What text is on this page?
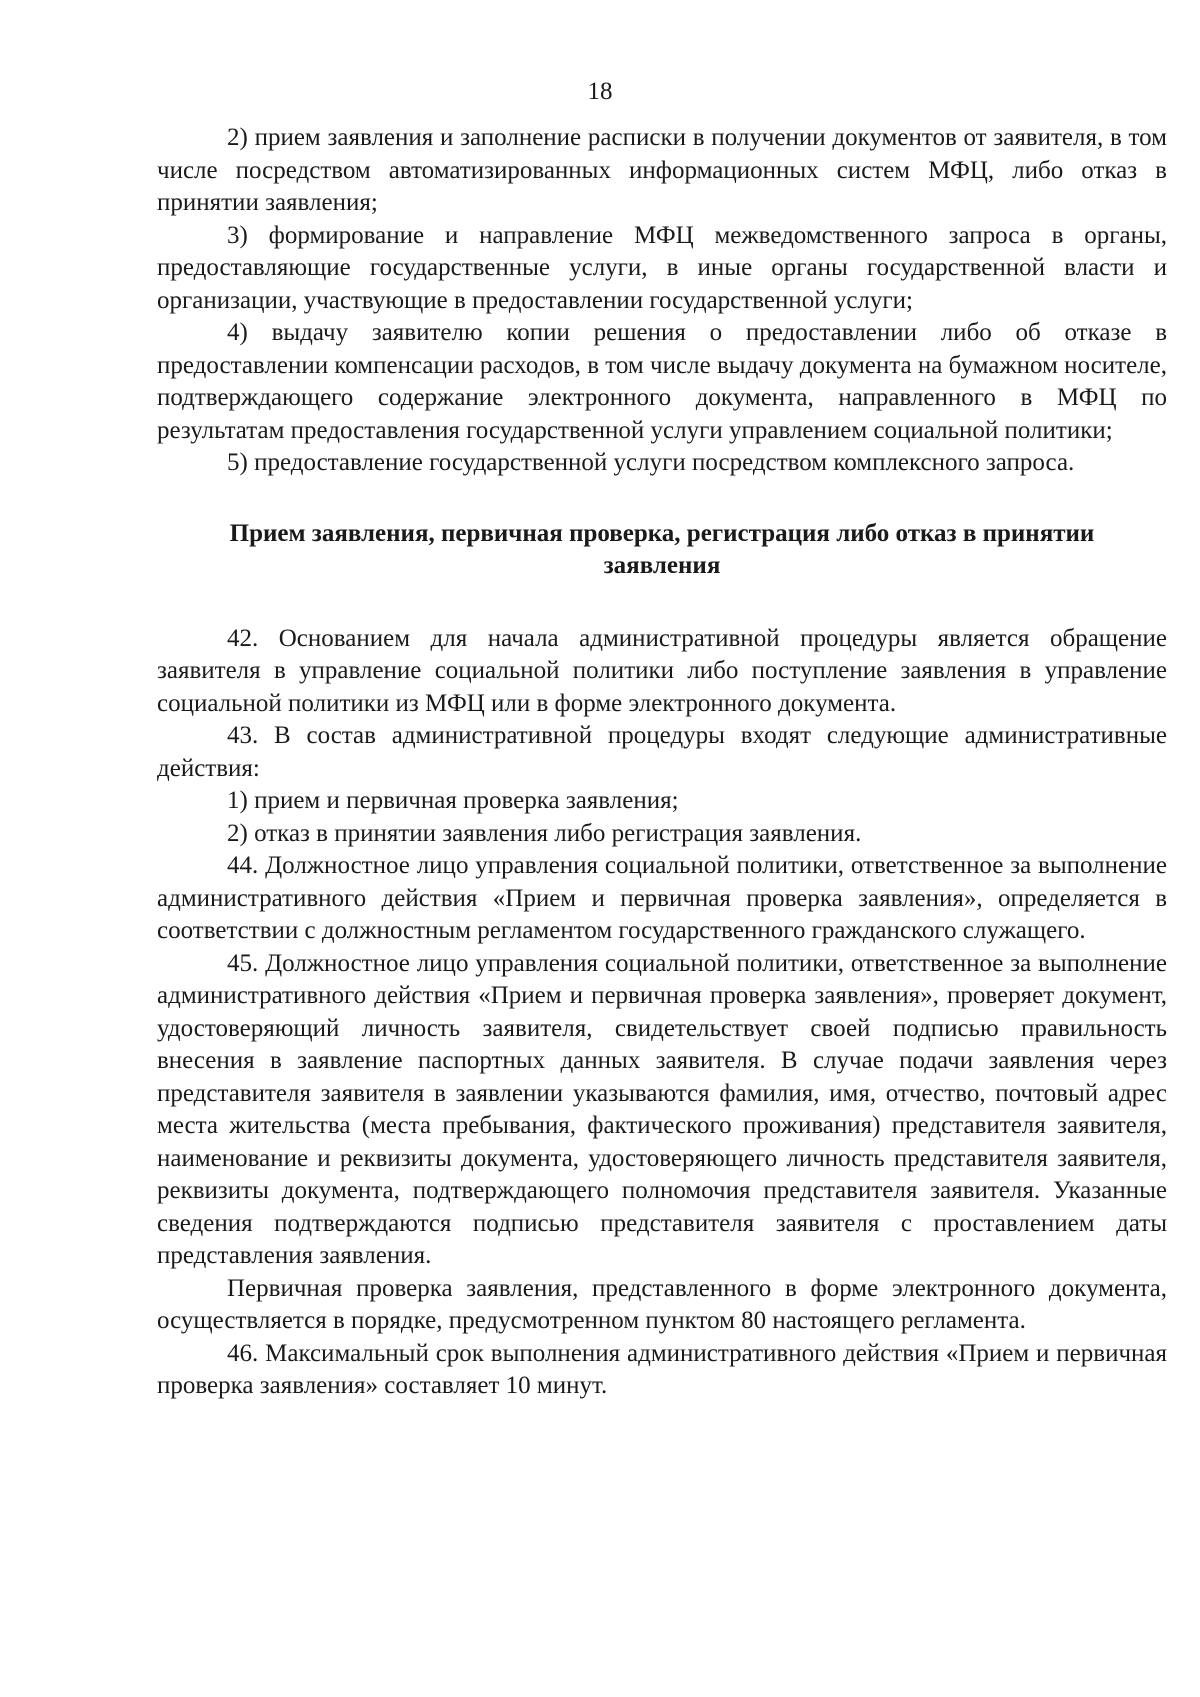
18

2) прием заявления и заполнение расписки в получении документов от заявителя, в том числе посредством автоматизированных информационных систем МФЦ, либо отказ в принятии заявления;

3) формирование и направление МФЦ межведомственного запроса в органы, предоставляющие государственные услуги, в иные органы государственной власти и организации, участвующие в предоставлении государственной услуги;

4) выдачу заявителю копии решения о предоставлении либо об отказе в предоставлении компенсации расходов, в том числе выдачу документа на бумажном носителе, подтверждающего содержание электронного документа, направленного в МФЦ по результатам предоставления государственной услуги управлением социальной политики;

5) предоставление государственной услуги посредством комплексного запроса.

Прием заявления, первичная проверка, регистрация либо отказ в принятии заявления

42. Основанием для начала административной процедуры является обращение заявителя в управление социальной политики либо поступление заявления в управление социальной политики из МФЦ или в форме электронного документа.

43. В состав административной процедуры входят следующие административные действия:

1) прием и первичная проверка заявления;

2) отказ в принятии заявления либо регистрация заявления.

44. Должностное лицо управления социальной политики, ответственное за выполнение административного действия «Прием и первичная проверка заявления», определяется в соответствии с должностным регламентом государственного гражданского служащего.

45. Должностное лицо управления социальной политики, ответственное за выполнение административного действия «Прием и первичная проверка заявления», проверяет документ, удостоверяющий личность заявителя, свидетельствует своей подписью правильность внесения в заявление паспортных данных заявителя. В случае подачи заявления через представителя заявителя в заявлении указываются фамилия, имя, отчество, почтовый адрес места жительства (места пребывания, фактического проживания) представителя заявителя, наименование и реквизиты документа, удостоверяющего личность представителя заявителя, реквизиты документа, подтверждающего полномочия представителя заявителя. Указанные сведения подтверждаются подписью представителя заявителя с проставлением даты представления заявления.

Первичная проверка заявления, представленного в форме электронного документа, осуществляется в порядке, предусмотренном пунктом 80 настоящего регламента.

46. Максимальный срок выполнения административного действия «Прием и первичная проверка заявления» составляет 10 минут.
